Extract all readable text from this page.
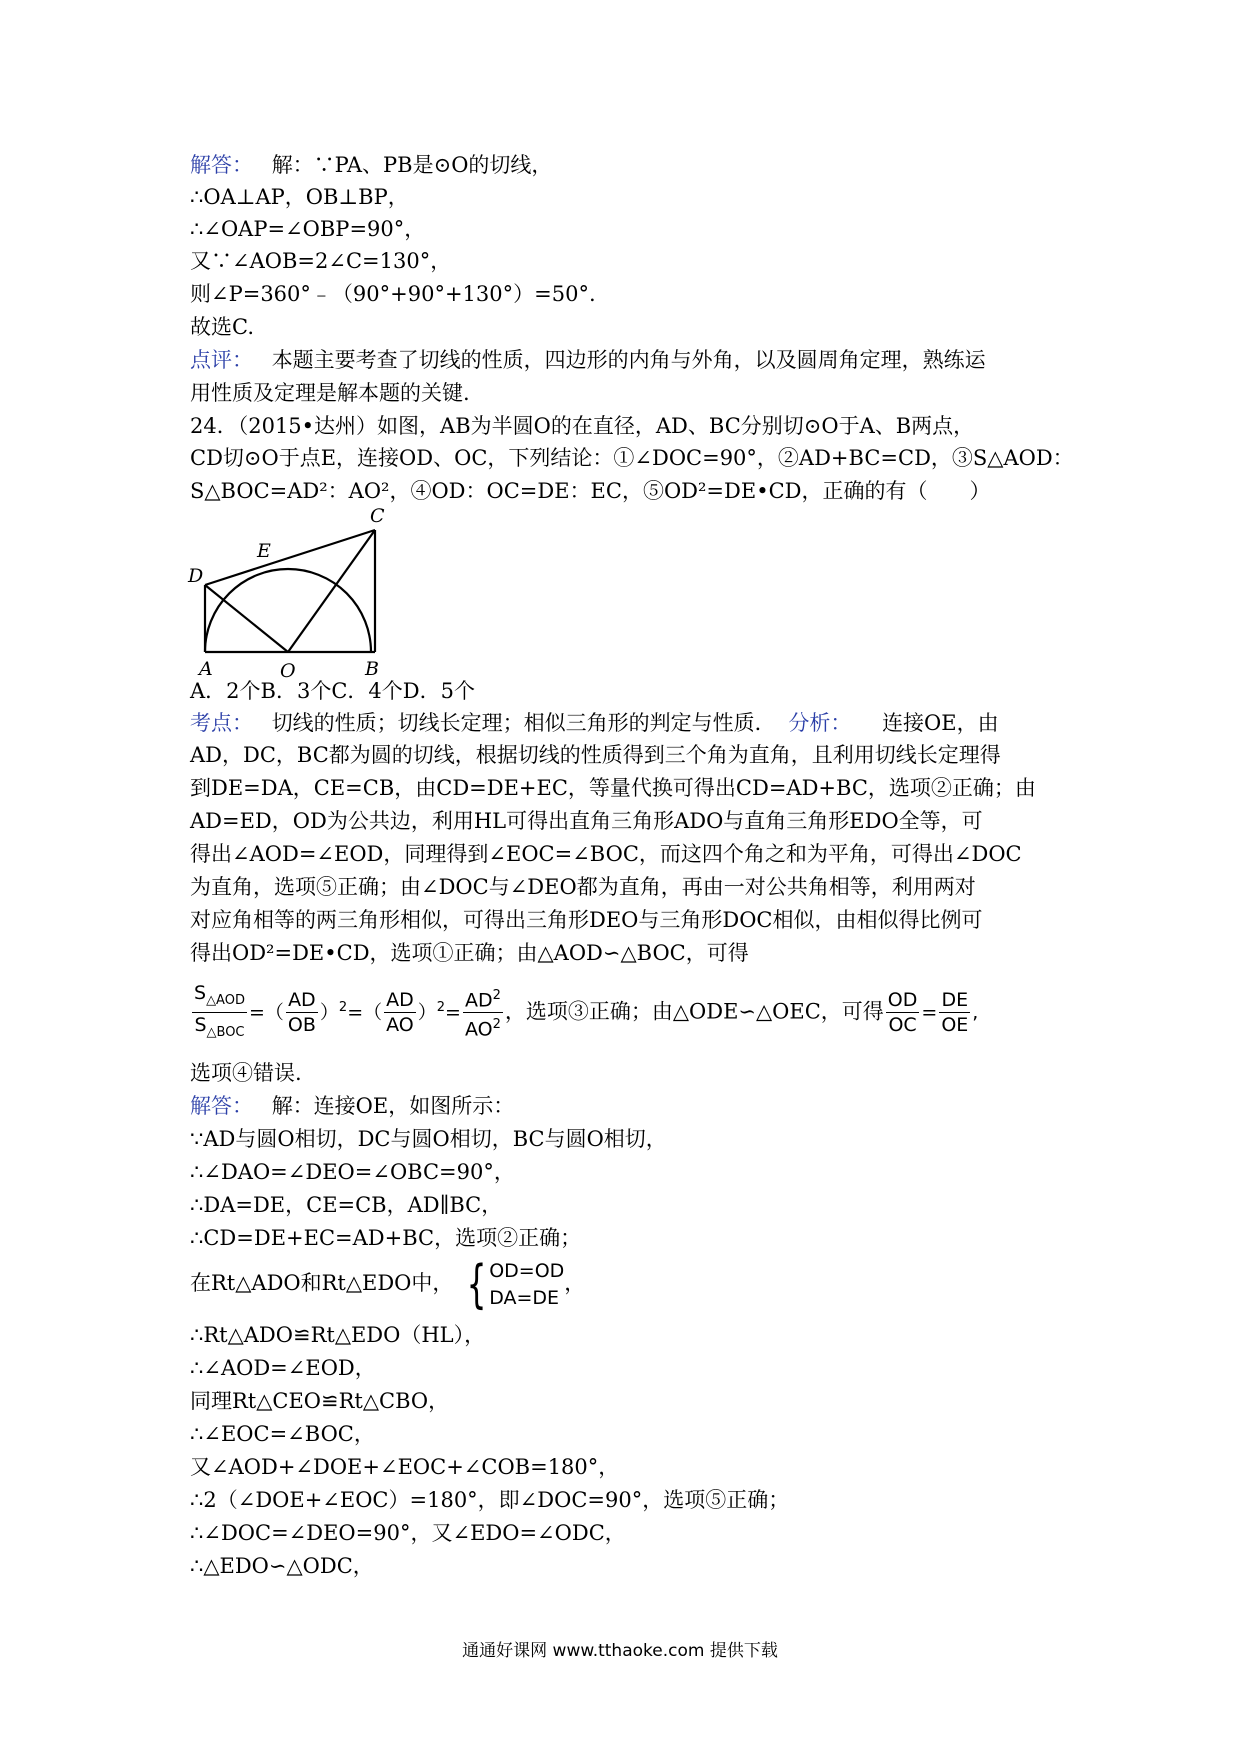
解答： 解：∵PA、PB是⊙O的切线，
∴OA⊥AP，OB⊥BP，
∴∠OAP=∠OBP=90°，
又∵∠AOB=2∠C=130°，
则∠P=360°﹣（90°+90°+130°）=50°.
故选C.
点评： 本题主要考查了切线的性质，四边形的内角与外角，以及圆周角定理，熟练运
用性质及定理是解本题的关键.
24．（2015•达州）如图，AB为半圆O的在直径，AD、BC分别切⊙O于A、B两点，
CD切⊙O于点E，连接OD、OC，下列结论：①∠DOC=90°，②AD+BC=CD，③S△AOD：
S△BOC=AD²：AO²，④OD：OC=DE：EC，⑤OD²=DE•CD，正确的有（　　）
C
E
D
A	O	B
A．2个B．3个C．4个D．5个
考点： 切线的性质；切线长定理；相似三角形的判定与性质． 分析： 连接OE，由
AD，DC，BC都为圆的切线，根据切线的性质得到三个角为直角，且利用切线长定理得
到DE=DA，CE=CB，由CD=DE+EC，等量代换可得出CD=AD+BC，选项②正确；由
AD=ED，OD为公共边，利用HL可得出直角三角形ADO与直角三角形EDO全等，可
得出∠AOD=∠EOD，同理得到∠EOC=∠BOC，而这四个角之和为平角，可得出∠DOC
为直角，选项⑤正确；由∠DOC与∠DEO都为直角，再由一对公共角相等，利用两对
对应角相等的两三角形相似，可得出三角形DEO与三角形DOC相似，由相似得比例可
得出OD²=DE•CD，选项①正确；由△AOD∽△BOC，可得
$\frac{S_{\triangle AOD}}{S_{\triangle BOC}}$ =（ $\frac{AD}{OB} )^2=( \frac{AD}{AO} )^2= \frac{AD^2}{AO^2}$ ，选项③正确；由△ODE∽△OEC，可得 $\frac{OD}{OC} = \frac{DE}{OE}$ ,
选项④错误.
解答： 解：连接OE，如图所示：
∵AD与圆O相切，DC与圆O相切，BC与圆O相切，
∴∠DAO=∠DEO=∠OBC=90°，
∴DA=DE，CE=CB，AD∥BC，
∴CD=DE+EC=AD+BC，选项②正确；
在Rt△ADO和Rt△EDO中， { OD=OD
DA=DE
，
∴Rt△ADO≌Rt△EDO（HL），
∴∠AOD=∠EOD，
同理Rt△CEO≌Rt△CBO，
∴∠EOC=∠BOC，
又∠AOD+∠DOE+∠EOC+∠COB=180°，
∴2（∠DOE+∠EOC）=180°，即∠DOC=90°，选项⑤正确；
∴∠DOC=∠DEO=90°，又∠EDO=∠ODC，
∴△EDO∽△ODC，
通通好课网 www.tthaoke.com 提供下载
